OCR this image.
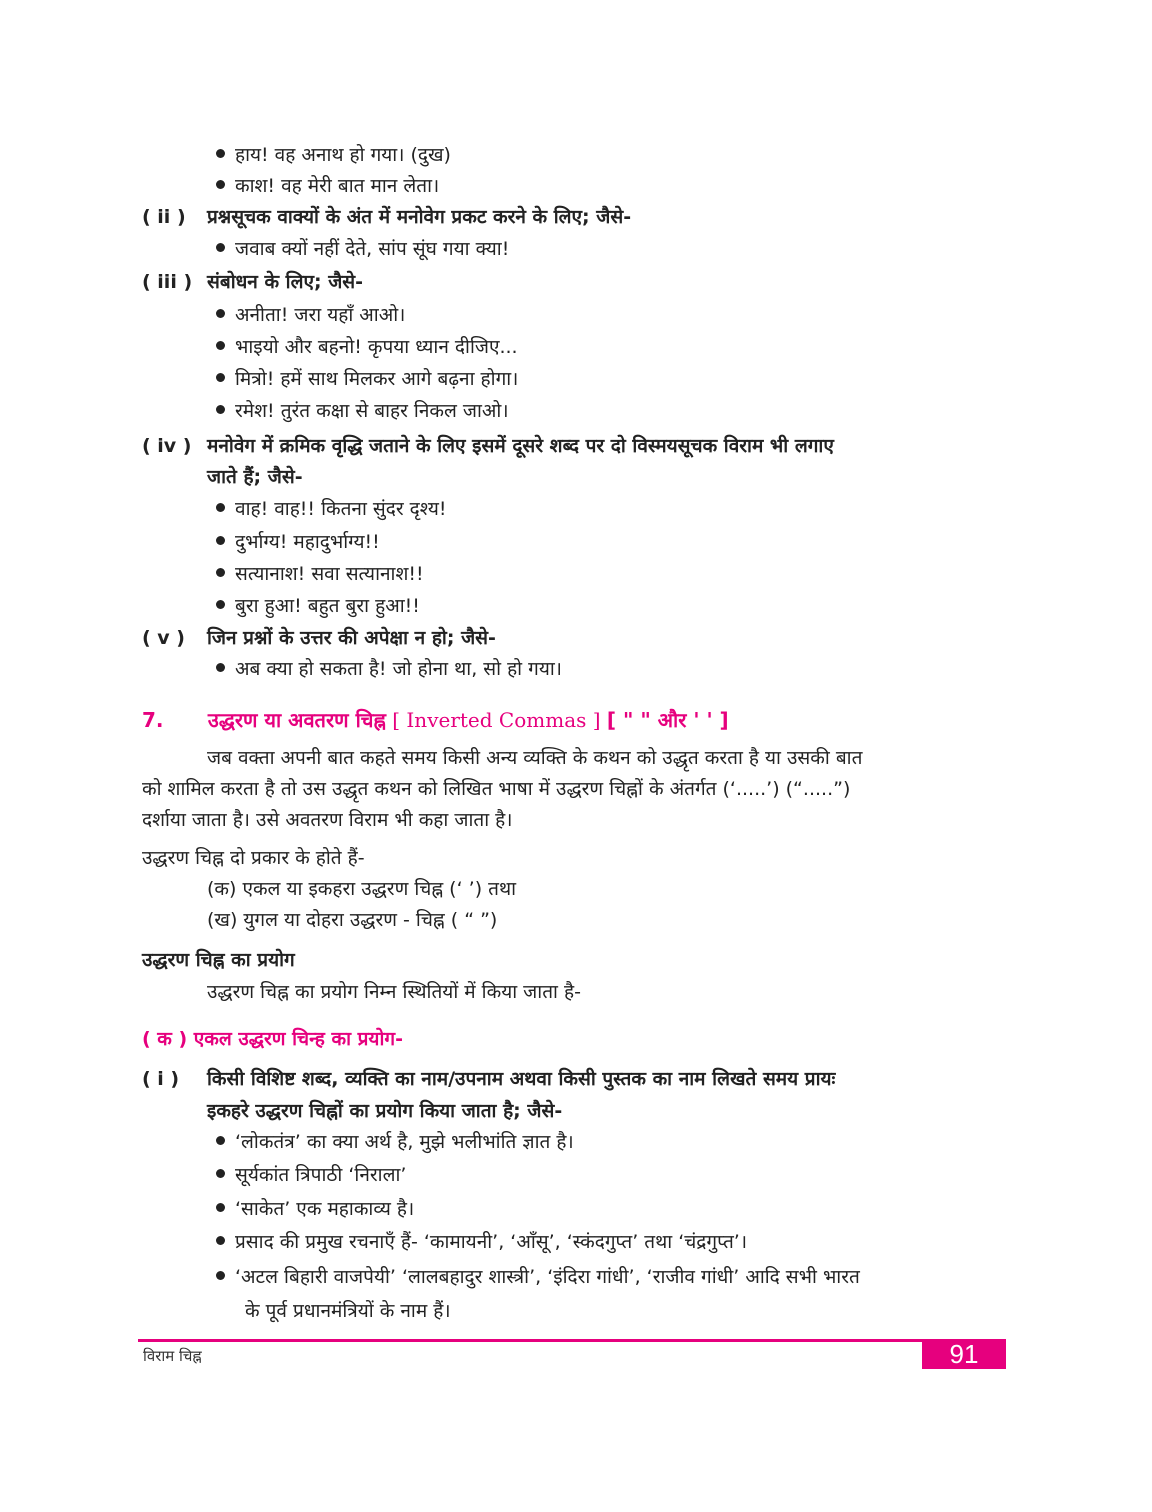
हाय! वह अनाथ हो गया। (दुख)
काश! वह मेरी बात मान लेता।
( ii ) प्रश्नसूचक वाक्यों के अंत में मनोवेग प्रकट करने के लिए; जैसे-
जवाब क्यों नहीं देते, सांप सूंघ गया क्या!
( iii ) संबोधन के लिए; जैसे-
अनीता! जरा यहाँ आओ।
भाइयो और बहनो! कृपया ध्यान दीजिए...
मित्रो! हमें साथ मिलकर आगे बढ़ना होगा।
रमेश! तुरंत कक्षा से बाहर निकल जाओ।
( iv ) मनोवेग में क्रमिक वृद्धि जताने के लिए इसमें दूसरे शब्द पर दो विस्मयसूचक विराम भी लगाए
जाते हैं; जैसे-
वाह! वाह!! कितना सुंदर दृश्य!
दुर्भाग्य! महादुर्भाग्य!!
सत्यानाश! सवा सत्यानाश!!
बुरा हुआ! बहुत बुरा हुआ!!
( v ) जिन प्रश्नों के उत्तर की अपेक्षा न हो; जैसे-
अब क्या हो सकता है! जो होना था, सो हो गया।
7. उद्धरण या अवतरण चिह्न [ Inverted Commas ] [ " " और ' ' ]
जब वक्ता अपनी बात कहते समय किसी अन्य व्यक्ति के कथन को उद्धृत करता है या उसकी बात
को शामिल करता है तो उस उद्धृत कथन को लिखित भाषा में उद्धरण चिह्नों के अंतर्गत (‘.....’) (“.....”)
दर्शाया जाता है। उसे अवतरण विराम भी कहा जाता है।
उद्धरण चिह्न दो प्रकार के होते हैं-
(क) एकल या इकहरा उद्धरण चिह्न (‘ ’) तथा
(ख) युगल या दोहरा उद्धरण - चिह्न ( “ ”)
उद्धरण चिह्न का प्रयोग
उद्धरण चिह्न का प्रयोग निम्न स्थितियों में किया जाता है-
( क ) एकल उद्धरण चिन्ह का प्रयोग-
( i ) किसी विशिष्ट शब्द, व्यक्ति का नाम/उपनाम अथवा किसी पुस्तक का नाम लिखते समय प्रायः
इकहरे उद्धरण चिह्नों का प्रयोग किया जाता है; जैसे-
‘लोकतंत्र’ का क्या अर्थ है, मुझे भलीभांति ज्ञात है।
सूर्यकांत त्रिपाठी ‘निराला’
‘साकेत’ एक महाकाव्य है।
प्रसाद की प्रमुख रचनाएँ हैं- ‘कामायनी’, ‘आँसू’, ‘स्कंदगुप्त’ तथा ‘चंद्रगुप्त’।
‘अटल बिहारी वाजपेयी’ ‘लालबहादुर शास्त्री’, ‘इंदिरा गांधी’, ‘राजीव गांधी’ आदि सभी भारत
के पूर्व प्रधानमंत्रियों के नाम हैं।
91
विराम चिह्न
